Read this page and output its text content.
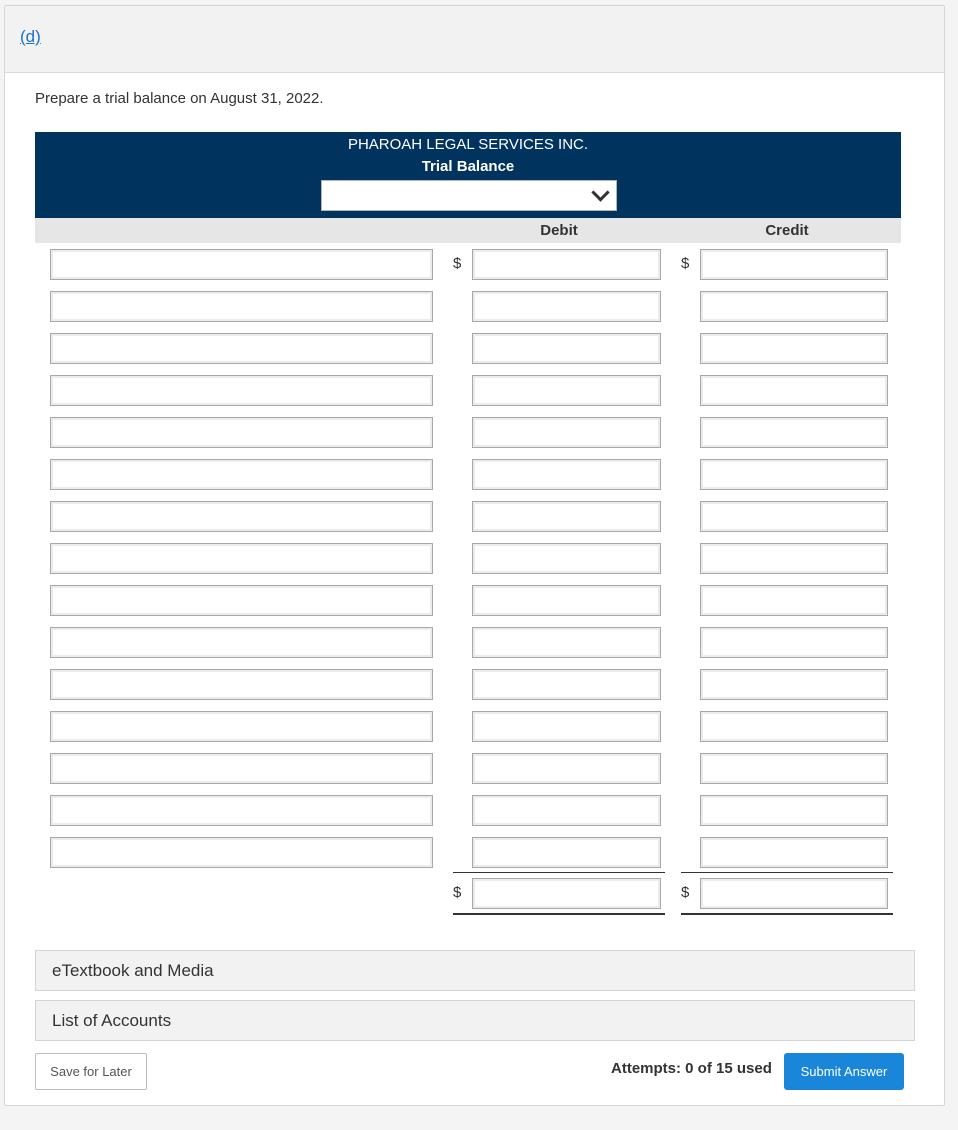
(d)
Prepare a trial balance on August 31, 2022.
PHAROAH LEGAL SERVICES INC.
Trial Balance
Debit	Credit
$	$
$	$
eTextbook and Media
List of Accounts
Save for Later	Attempts: 0 of 15 used	Submit Answer
